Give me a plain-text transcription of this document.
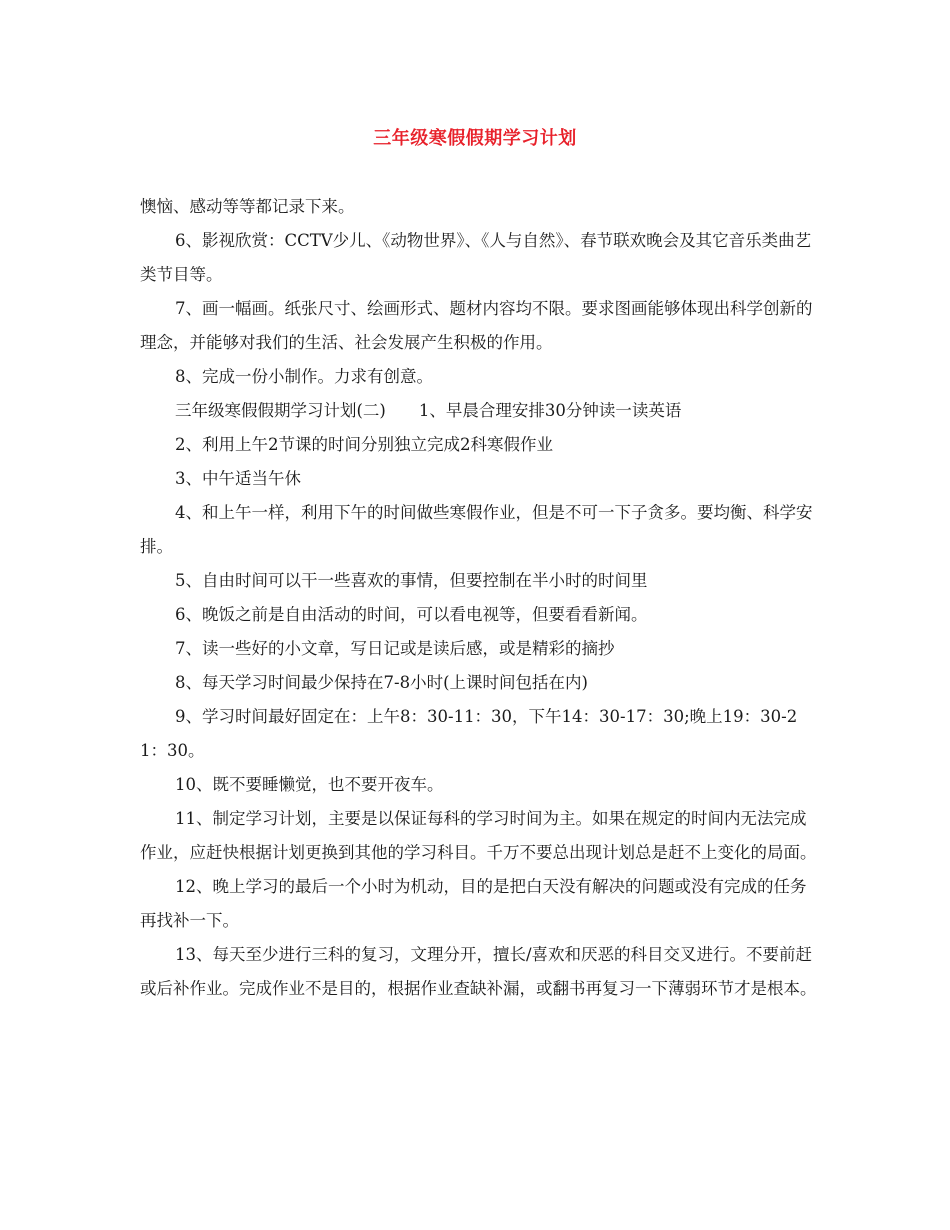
三年级寒假假期学习计划

懊恼、感动等等都记录下来。

6、影视欣赏：CCTV少儿、《动物世界》、《人与自然》、春节联欢晚会及其它音乐类曲艺类节目等。

7、画一幅画。纸张尺寸、绘画形式、题材内容均不限。要求图画能够体现出科学创新的理念，并能够对我们的生活、社会发展产生积极的作用。

8、完成一份小制作。力求有创意。

三年级寒假假期学习计划(二)　　1、早晨合理安排30分钟读一读英语

2、利用上午2节课的时间分别独立完成2科寒假作业

3、中午适当午休

4、和上午一样，利用下午的时间做些寒假作业，但是不可一下子贪多。要均衡、科学安排。

5、自由时间可以干一些喜欢的事情，但要控制在半小时的时间里

6、晚饭之前是自由活动的时间，可以看电视等，但要看看新闻。

7、读一些好的小文章，写日记或是读后感，或是精彩的摘抄

8、每天学习时间最少保持在7-8小时(上课时间包括在内)

9、学习时间最好固定在：上午8：30-11：30，下午14：30-17：30;晚上19：30-21：30。

10、既不要睡懒觉，也不要开夜车。

11、制定学习计划，主要是以保证每科的学习时间为主。如果在规定的时间内无法完成作业，应赶快根据计划更换到其他的学习科目。千万不要总出现计划总是赶不上变化的局面。

12、晚上学习的最后一个小时为机动，目的是把白天没有解决的问题或没有完成的任务再找补一下。

13、每天至少进行三科的复习，文理分开，擅长/喜欢和厌恶的科目交叉进行。不要前赶或后补作业。完成作业不是目的，根据作业查缺补漏，或翻书再复习一下薄弱环节才是根本。
